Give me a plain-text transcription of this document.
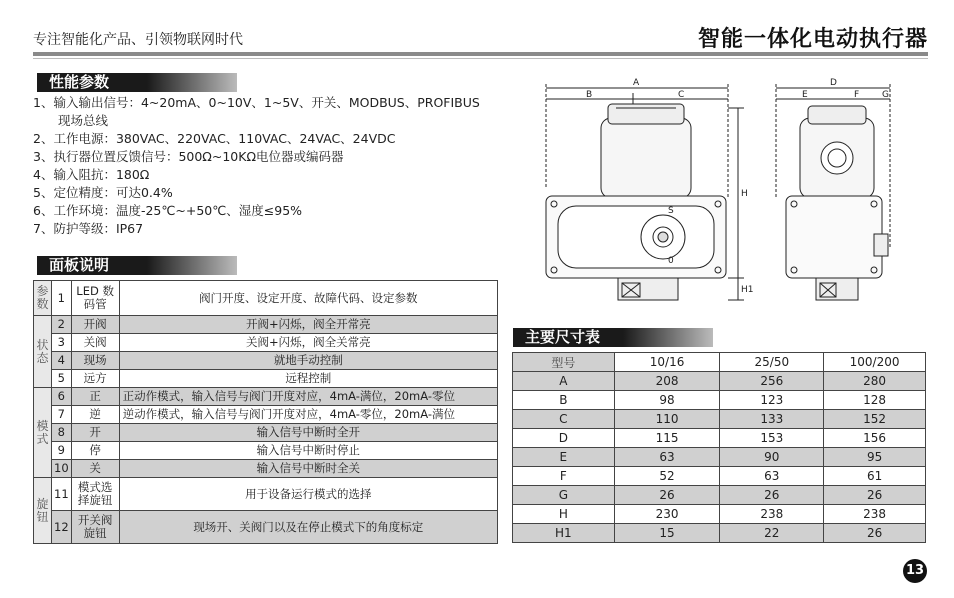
专注智能化产品、引领物联网时代	智能一体化电动执行器
性能参数
1、输入输出信号：4~20mA、0~10V、1~5V、开关、MODBUS、PROFIBUS
　　现场总线
2、工作电源：380VAC、220VAC、110VAC、24VAC、24VDC
3、执行器位置反馈信号：500Ω~10KΩ电位器或编码器
4、输入阻抗：180Ω
5、定位精度：可达0.4%
6、工作环境：温度-25℃~+50℃、湿度≤95%
7、防护等级：IP67
面板说明
参数	1	LED 数码管	阀门开度、设定开度、故障代码、设定参数
状态	2	开阀	开阀+闪烁，阀全开常亮
	3	关阀	关阀+闪烁，阀全关常亮
	4	现场	就地手动控制
	5	远方	远程控制
模式	6	正	正动作模式，输入信号与阀门开度对应，4mA-满位，20mA-零位
	7	逆	逆动作模式，输入信号与阀门开度对应，4mA-零位，20mA-满位
	8	开	输入信号中断时全开
	9	停	输入信号中断时停止
	10	关	输入信号中断时全关
旋钮	11	模式选择旋钮	用于设备运行模式的选择
	12	开关阀旋钮	现场开、关阀门以及在停止模式下的角度标定
A
B	C
D
E	F	G
H
H1
S
0
主要尺寸表
型号	10/16	25/50	100/200
A	208	256	280
B	98	123	128
C	110	133	152
D	115	153	156
E	63	90	95
F	52	63	61
G	26	26	26
H	230	238	238
H1	15	22	26
13
